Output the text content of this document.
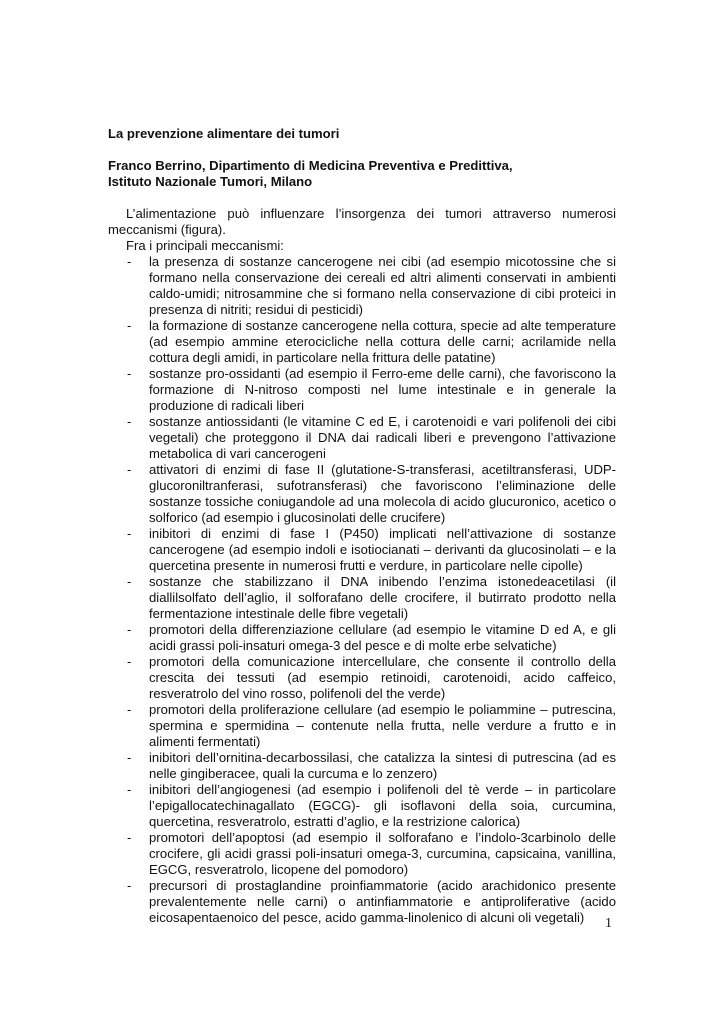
La prevenzione alimentare dei tumori

Franco Berrino, Dipartimento di Medicina Preventiva e Predittiva,

Istituto Nazionale Tumori, Milano

L’alimentazione può influenzare l’insorgenza dei tumori attraverso numerosi meccanismi (figura).

Fra i principali meccanismi:

- la presenza di sostanze cancerogene nei cibi (ad esempio micotossine che si formano nella conservazione dei cereali ed altri alimenti conservati in ambienti caldo-umidi; nitrosammine che si formano nella conservazione di cibi proteici in presenza di nitriti; residui di pesticidi)
- la formazione di sostanze cancerogene nella cottura, specie ad alte temperature (ad esempio ammine eterocicliche nella cottura delle carni; acrilamide nella cottura degli amidi, in particolare nella frittura delle patatine)
- sostanze pro-ossidanti (ad esempio il Ferro-eme delle carni), che favoriscono la formazione di N-nitroso composti nel lume intestinale e in generale la produzione di radicali liberi
- sostanze antiossidanti (le vitamine C ed E, i carotenoidi e vari polifenoli dei cibi vegetali) che proteggono il DNA dai radicali liberi e prevengono l’attivazione metabolica di vari cancerogeni
- attivatori di enzimi di fase II (glutatione-S-transferasi, acetiltransferasi, UDP-glucoroniltranferasi, sufotransferasi) che favoriscono l’eliminazione delle sostanze tossiche coniugandole ad una molecola di acido glucuronico, acetico o solforico (ad esempio i glucosinolati delle crucifere)
- inibitori di enzimi di fase I (P450) implicati nell’attivazione di sostanze cancerogene (ad esempio indoli e isotiocianati – derivanti da glucosinolati – e la quercetina presente in numerosi frutti e verdure, in particolare nelle cipolle)
- sostanze che stabilizzano il DNA inibendo l’enzima istonedeacetilasi (il diallilsolfato dell’aglio, il solforafano delle crocifere, il butirrato prodotto nella fermentazione intestinale delle fibre vegetali)
- promotori della differenziazione cellulare (ad esempio le vitamine D ed A, e gli acidi grassi poli-insaturi omega-3 del pesce e di molte erbe selvatiche)
- promotori della comunicazione intercellulare, che consente il controllo della crescita dei tessuti (ad esempio retinoidi, carotenoidi, acido caffeico, resveratrolo del vino rosso, polifenoli del the verde)
- promotori della proliferazione cellulare (ad esempio le poliammine – putrescina, spermina e spermidina – contenute nella frutta, nelle verdure a frutto e in alimenti fermentati)
- inibitori dell’ornitina-decarbossilasi, che catalizza la sintesi di putrescina (ad es nelle gingiberacee, quali la curcuma e lo zenzero)
- inibitori dell’angiogenesi (ad esempio i polifenoli del tè verde – in particolare l’epigallocatechinagallato (EGCG)- gli isoflavoni della soia, curcumina, quercetina, resveratrolo, estratti d’aglio, e la restrizione calorica)
- promotori dell’apoptosi (ad esempio il solforafano e l’indolo-3carbinolo delle crocifere, gli acidi grassi poli-insaturi omega-3, curcumina, capsicaina, vanillina, EGCG, resveratrolo, licopene del pomodoro)
- precursori di prostaglandine proinfiammatorie (acido arachidonico presente prevalentemente nelle carni) o antinfiammatorie e antiproliferative (acido eicosapentaenoico del pesce, acido gamma-linolenico di alcuni oli vegetali)	1
